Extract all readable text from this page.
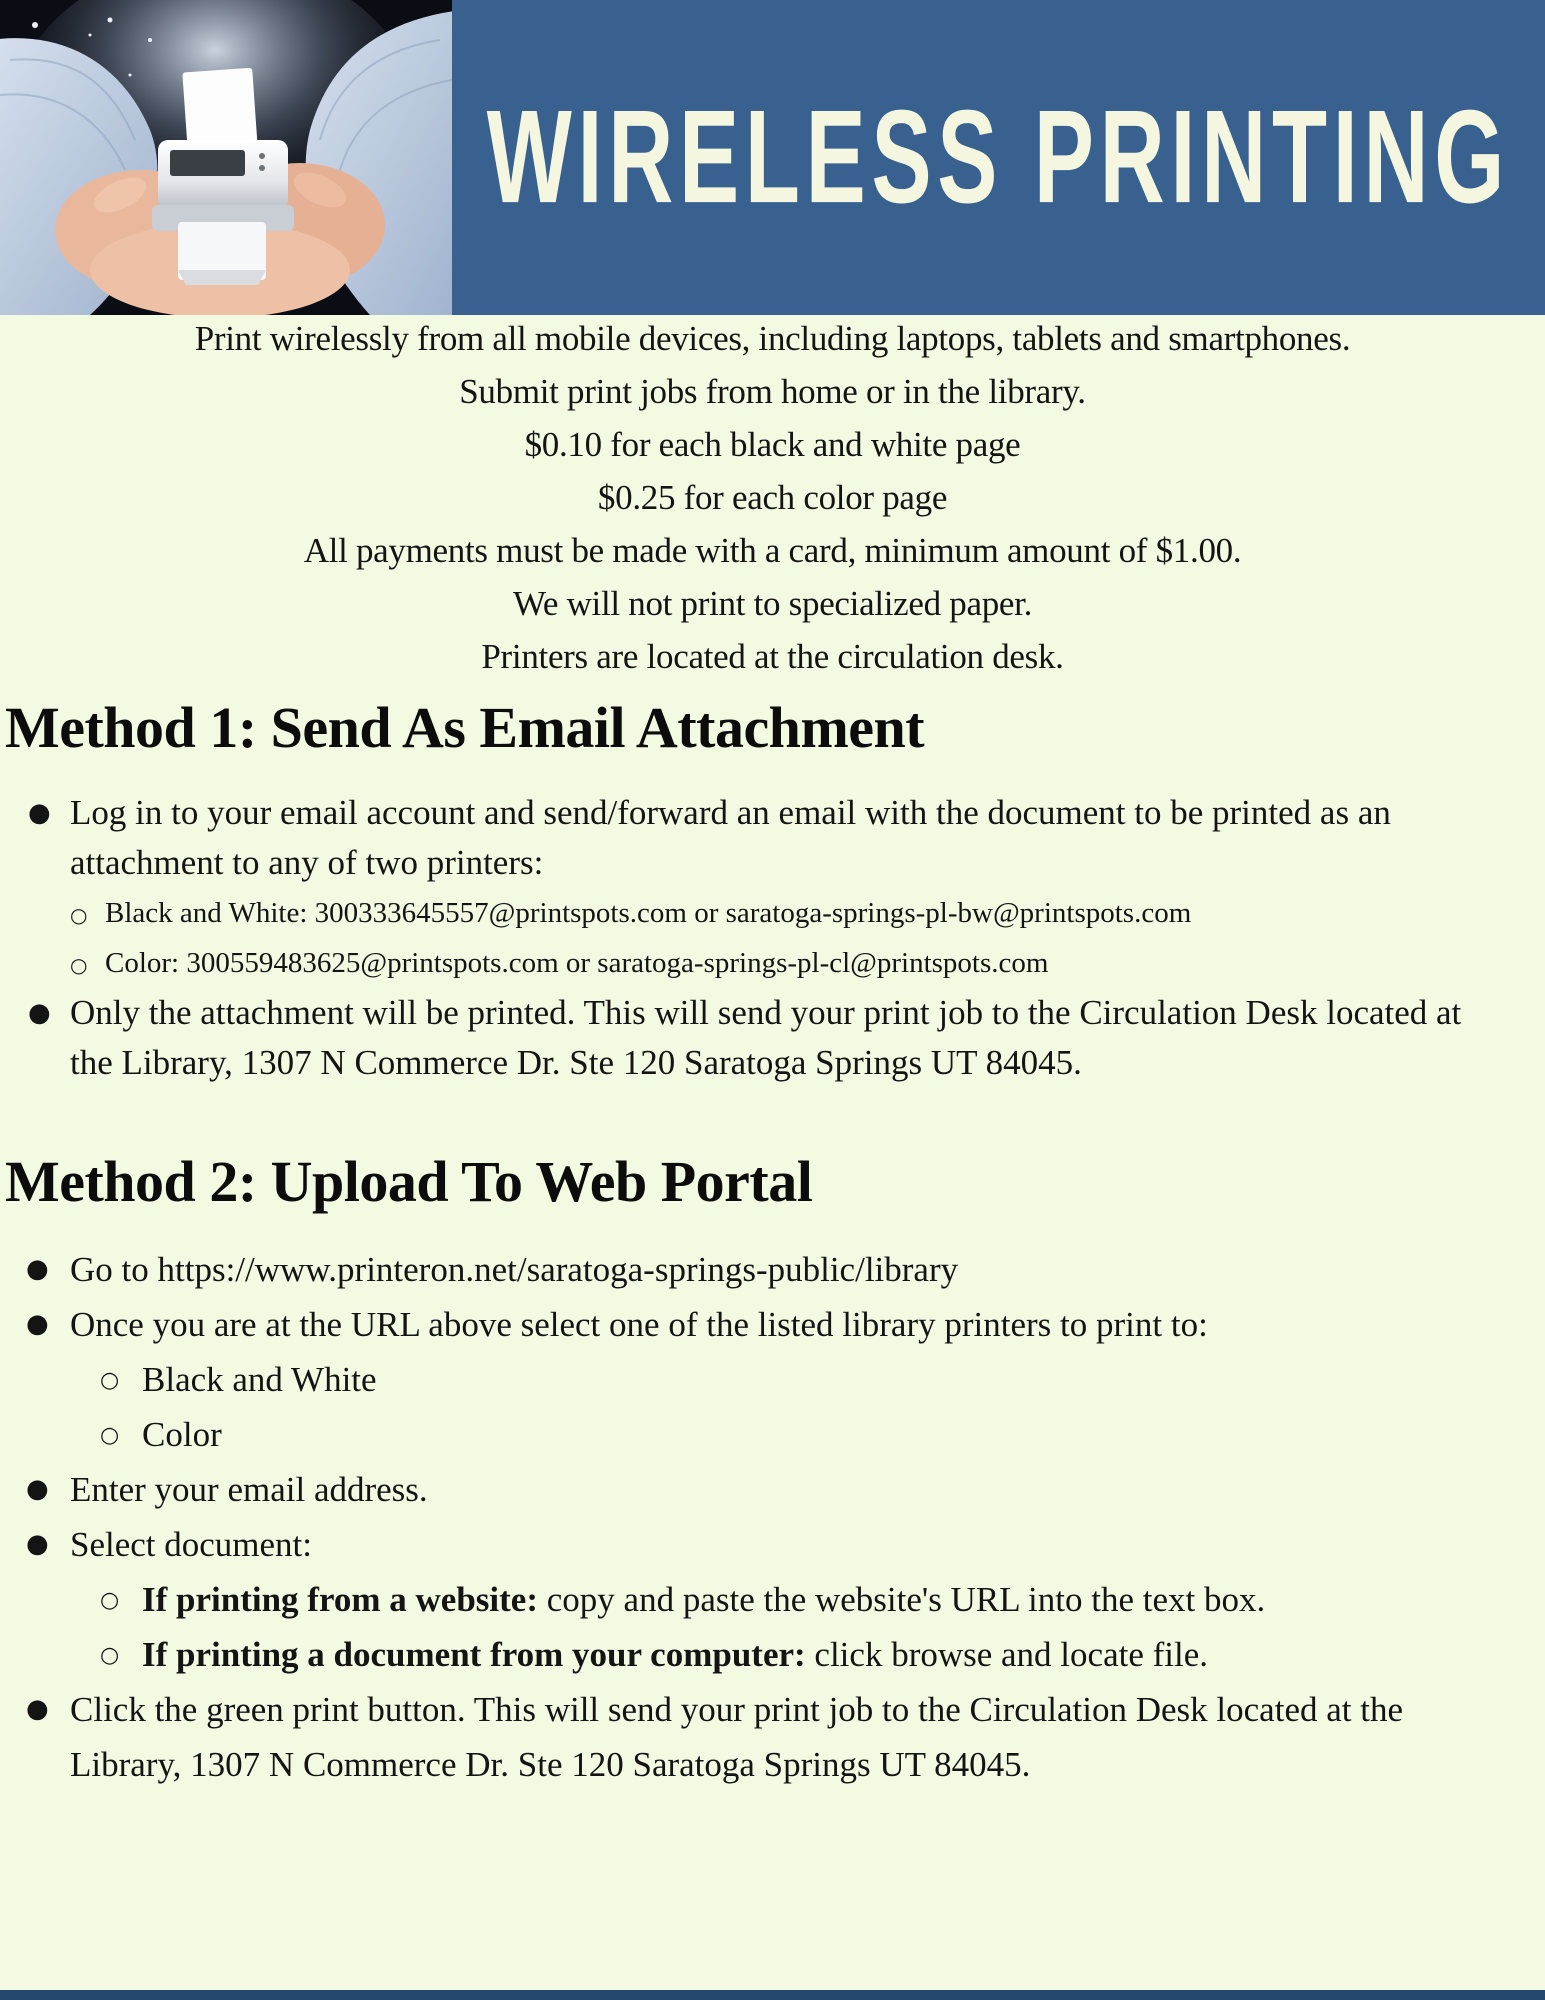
WIRELESS PRINTING
Print wirelessly from all mobile devices, including laptops, tablets and smartphones.
Submit print jobs from home or in the library.
$0.10 for each black and white page
$0.25 for each color page
All payments must be made with a card, minimum amount of $1.00.
We will not print to specialized paper.
Printers are located at the circulation desk.
Method 1: Send As Email Attachment
● Log in to your email account and send/forward an email with the document to be printed as an attachment to any of two printers:
○ Black and White: 300333645557@printspots.com or saratoga-springs-pl-bw@printspots.com
○ Color: 300559483625@printspots.com or saratoga-springs-pl-cl@printspots.com
● Only the attachment will be printed. This will send your print job to the Circulation Desk located at the Library, 1307 N Commerce Dr. Ste 120 Saratoga Springs UT 84045.
Method 2: Upload To Web Portal
● Go to https://www.printeron.net/saratoga-springs-public/library
● Once you are at the URL above select one of the listed library printers to print to:
○ Black and White
○ Color
● Enter your email address.
● Select document:
○ If printing from a website: copy and paste the website's URL into the text box.
○ If printing a document from your computer: click browse and locate file.
● Click the green print button. This will send your print job to the Circulation Desk located at the Library, 1307 N Commerce Dr. Ste 120 Saratoga Springs UT 84045.
